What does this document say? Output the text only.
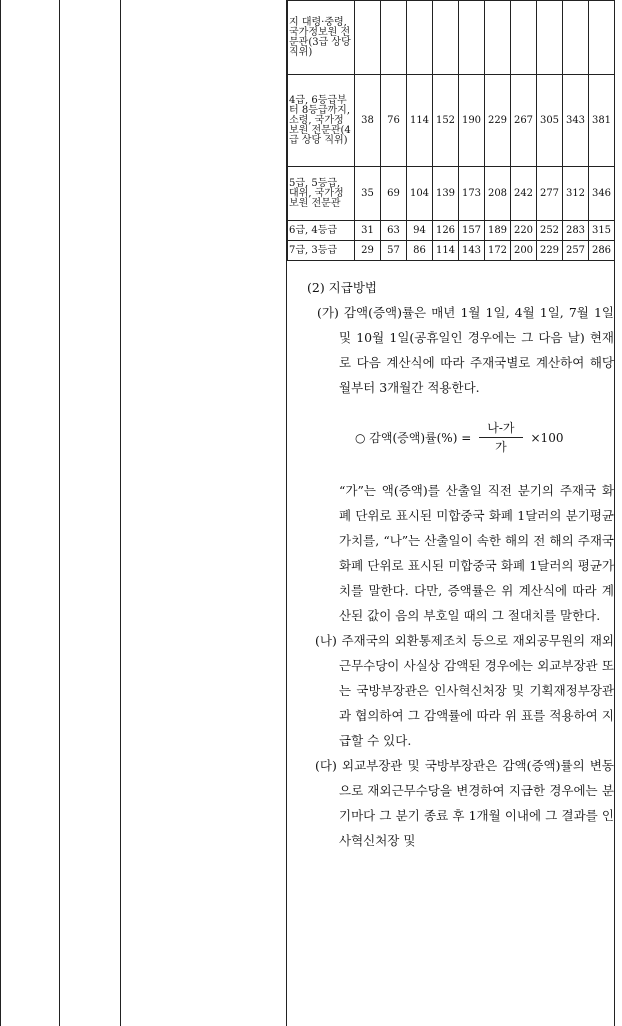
지 대령·중령, 국가정보원 전문관(3급 상당 직위)										
4급, 6등급부터 8등급까지, 소령, 국가정보원 전문관(4급 상당 직위)	38	76	114	152	190	229	267	305	343	381
5급, 5등급, 대위, 국가정보원 전문관	35	69	104	139	173	208	242	277	312	346
6급, 4등급	31	63	94	126	157	189	220	252	283	315
7급, 3등급	29	57	86	114	143	172	200	229	257	286
(2) 지급방법
(가) 감액(증액)률은 매년 1월 1일, 4월 1일, 7월 1일 및 10월 1일(공휴일인 경우에는 그 다음 날) 현재로 다음 계산식에 따라 주재국별로 계산하여 해당 월부터 3개월간 적용한다.
○ 감액(증액)률(%) = $\frac{\text{나-가}}{\text{가}} \times 100$
“가”는 액(증액)를 산출일 직전 분기의 주재국 화폐 단위로 표시된 미합중국 화폐 1달러의 분기평균가치를, “나”는 산출일이 속한 해의 전 해의 주재국 화폐 단위로 표시된 미합중국 화폐 1달러의 평균가치를 말한다. 다만, 증액률은 위 계산식에 따라 계산된 값이 음의 부호일 때의 그 절대치를 말한다.
(나) 주재국의 외환통제조치 등으로 재외공무원의 재외근무수당이 사실상 감액된 경우에는 외교부장관 또는 국방부장관은 인사혁신처장 및 기획재정부장관과 협의하여 그 감액률에 따라 위 표를 적용하여 지급할 수 있다.
(다) 외교부장관 및 국방부장관은 감액(증액)률의 변동으로 재외근무수당을 변경하여 지급한 경우에는 분기마다 그 분기 종료 후 1개월 이내에 그 결과를 인사혁신처장 및
